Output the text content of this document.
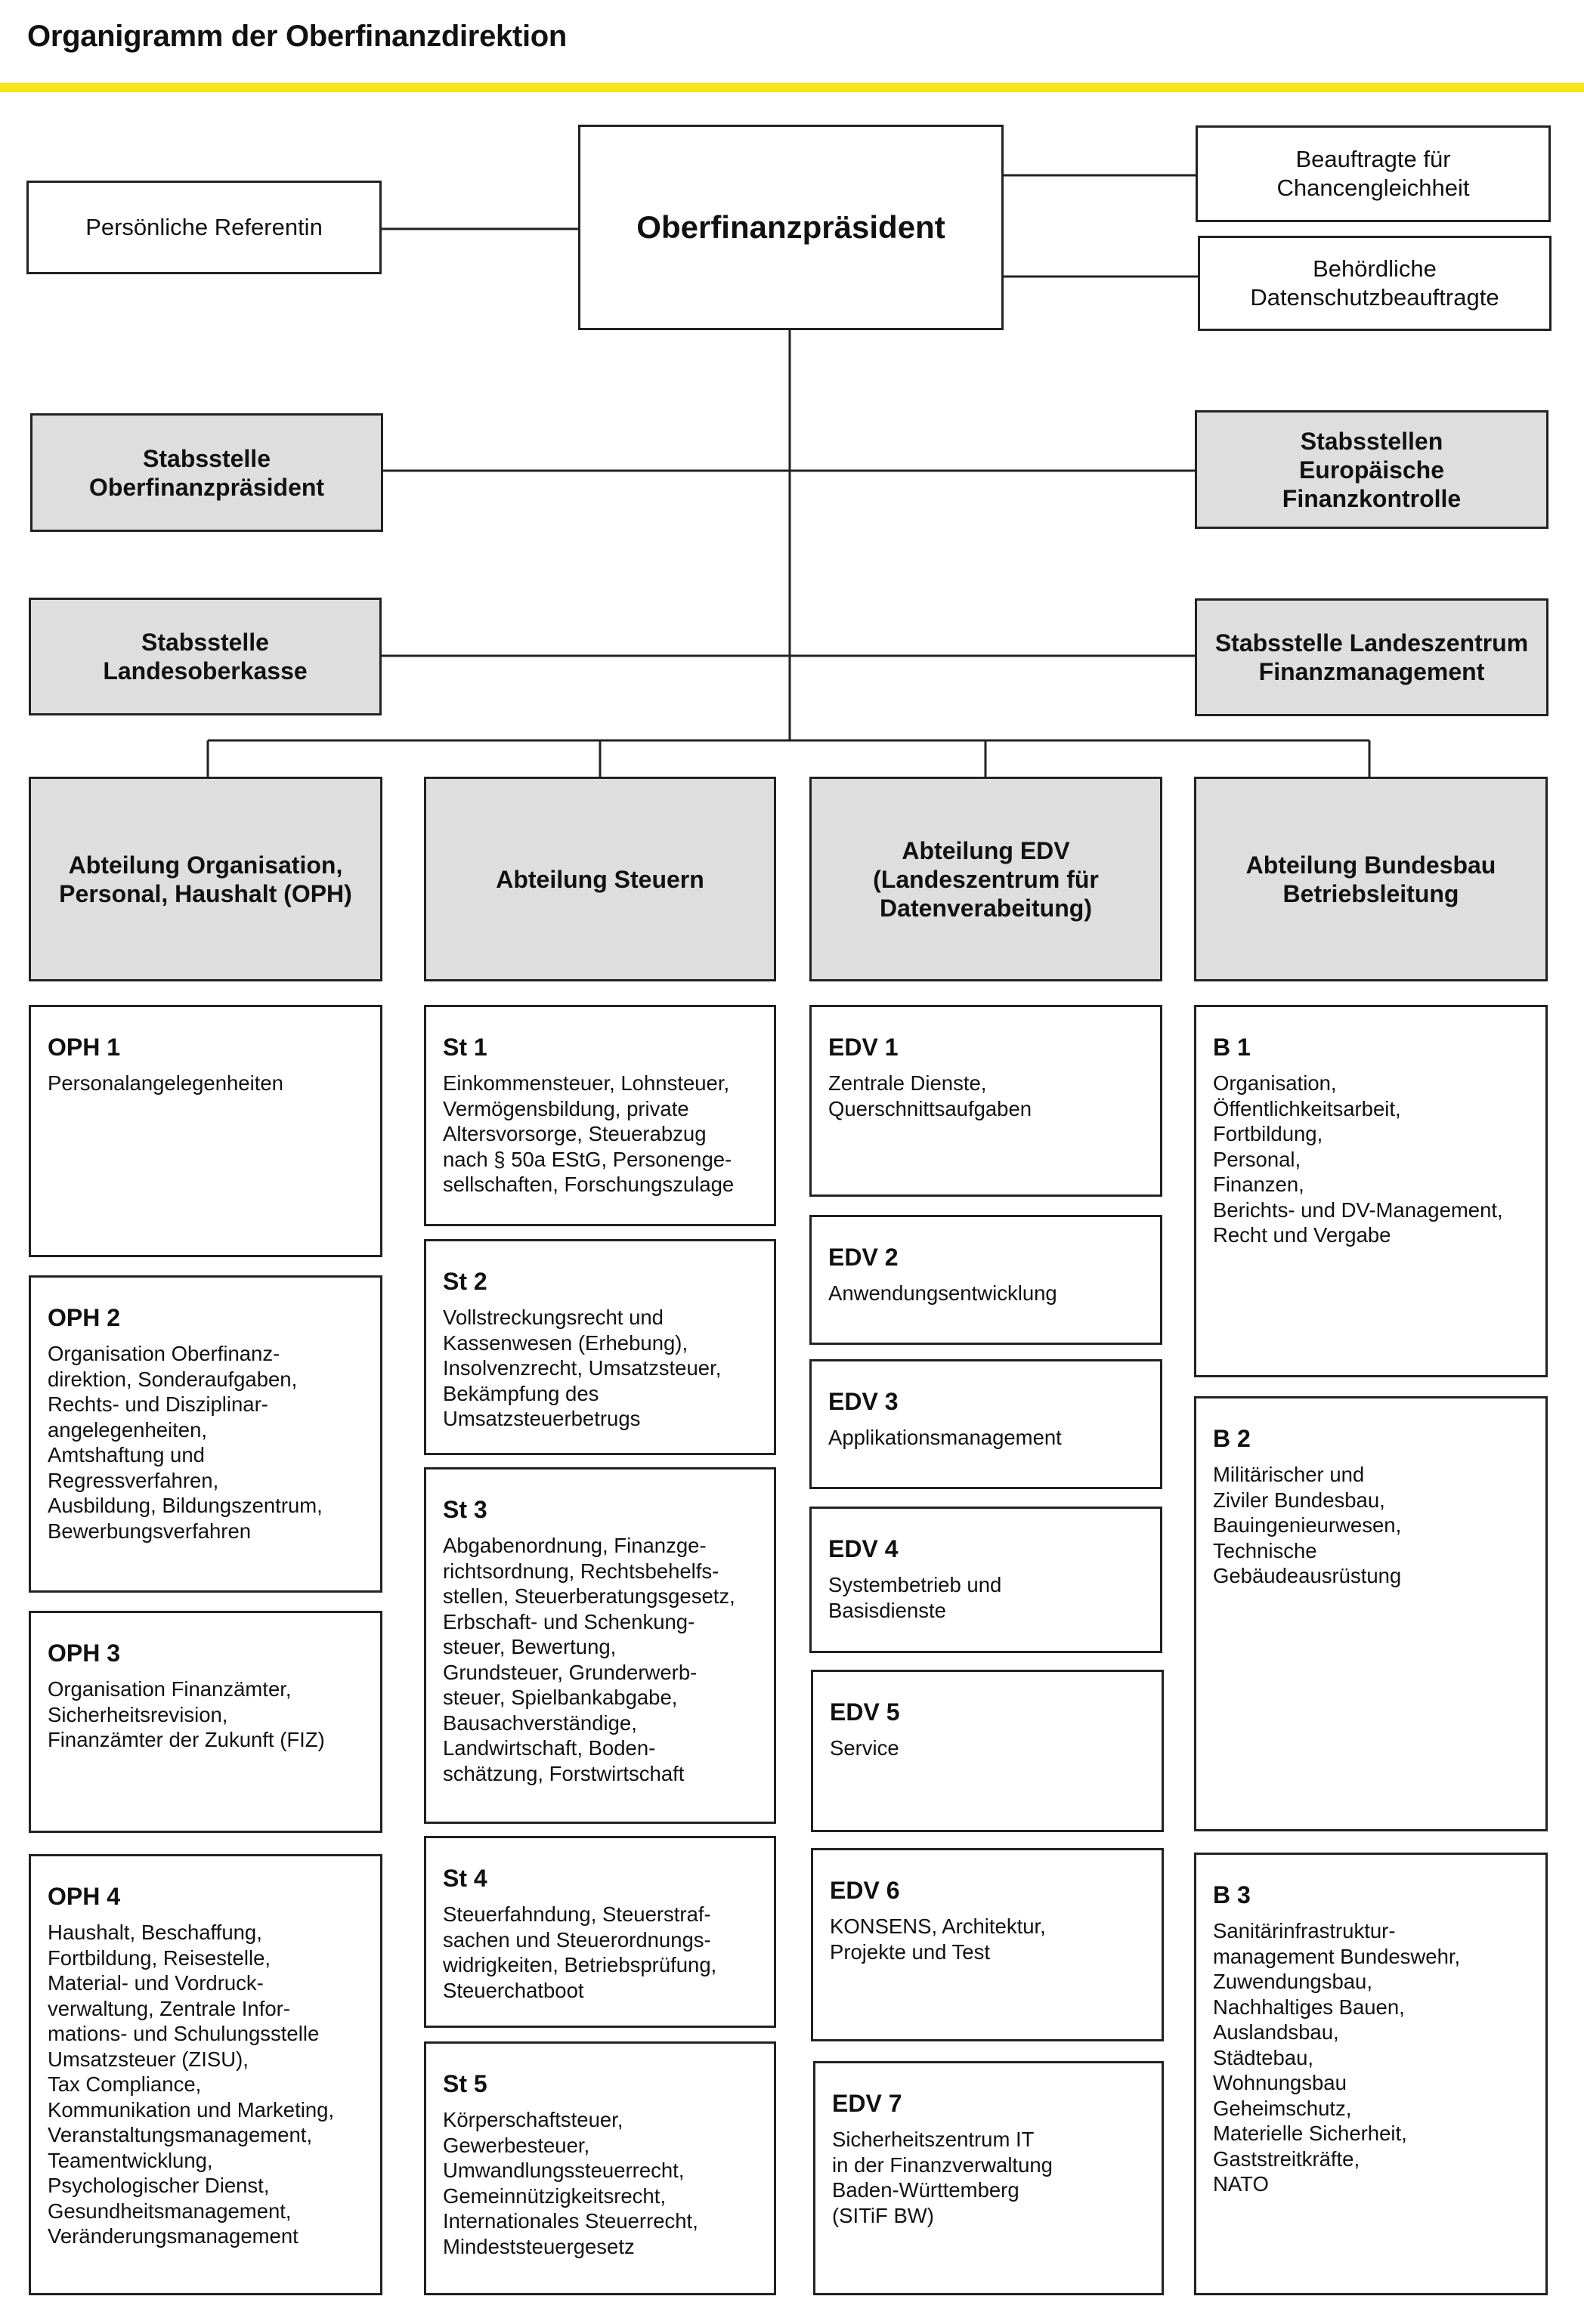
Organigramm der Oberfinanzdirektion
Oberfinanzpräsident
Persönliche Referentin
Beauftragte für
Chancengleichheit
Behördliche
Datenschutzbeauftragte
Stabsstelle
Oberfinanzpräsident
Stabsstellen
Europäische
Finanzkontrolle
Stabsstelle
Landesoberkasse
Stabsstelle Landeszentrum
Finanzmanagement
Abteilung Organisation,
Personal, Haushalt (OPH)
Abteilung Steuern
Abteilung EDV
(Landeszentrum für
Datenverabeitung)
Abteilung Bundesbau
Betriebsleitung
OPH 1
Personalangelegenheiten
OPH 2
Organisation Oberfinanz-
direktion, Sonderaufgaben,
Rechts- und Disziplinar-
angelegenheiten,
Amtshaftung und
Regressverfahren,
Ausbildung, Bildungszentrum,
Bewerbungsverfahren
OPH 3
Organisation Finanzämter,
Sicherheitsrevision,
Finanzämter der Zukunft (FIZ)
OPH 4
Haushalt, Beschaffung,
Fortbildung, Reisestelle,
Material- und Vordruck-
verwaltung, Zentrale Infor-
mations- und Schulungsstelle
Umsatzsteuer (ZISU),
Tax Compliance,
Kommunikation und Marketing,
Veranstaltungsmanagement,
Teamentwicklung,
Psychologischer Dienst,
Gesundheitsmanagement,
Veränderungsmanagement
St 1
Einkommensteuer, Lohnsteuer,
Vermögensbildung, private
Altersvorsorge, Steuerabzug
nach § 50a EStG, Personenge-
sellschaften, Forschungszulage
St 2
Vollstreckungsrecht und
Kassenwesen (Erhebung),
Insolvenzrecht, Umsatzsteuer,
Bekämpfung des
Umsatzsteuerbetrugs
St 3
Abgabenordnung, Finanzge-
richtsordnung, Rechtsbehelfs-
stellen, Steuerberatungsgesetz,
Erbschaft- und Schenkung-
steuer, Bewertung,
Grundsteuer, Grunderwerb-
steuer, Spielbankabgabe,
Bausachverständige,
Landwirtschaft, Boden-
schätzung, Forstwirtschaft
St 4
Steuerfahndung, Steuerstraf-
sachen und Steuerordnungs-
widrigkeiten, Betriebsprüfung,
Steuerchatboot
St 5
Körperschaftsteuer,
Gewerbesteuer,
Umwandlungssteuerrecht,
Gemeinnützigkeitsrecht,
Internationales Steuerrecht,
Mindeststeuergesetz
EDV 1
Zentrale Dienste,
Querschnittsaufgaben
EDV 2
Anwendungsentwicklung
EDV 3
Applikationsmanagement
EDV 4
Systembetrieb und
Basisdienste
EDV 5
Service
EDV 6
KONSENS, Architektur,
Projekte und Test
EDV 7
Sicherheitszentrum IT
in der Finanzverwaltung
Baden-Württemberg
(SITiF BW)
B 1
Organisation,
Öffentlichkeitsarbeit,
Fortbildung,
Personal,
Finanzen,
Berichts- und DV-Management,
Recht und Vergabe
B 2
Militärischer und
Ziviler Bundesbau,
Bauingenieurwesen,
Technische
Gebäudeausrüstung
B 3
Sanitärinfrastruktur-
management Bundeswehr,
Zuwendungsbau,
Nachhaltiges Bauen,
Auslandsbau,
Städtebau,
Wohnungsbau
Geheimschutz,
Materielle Sicherheit,
Gaststreitkräfte,
NATO
